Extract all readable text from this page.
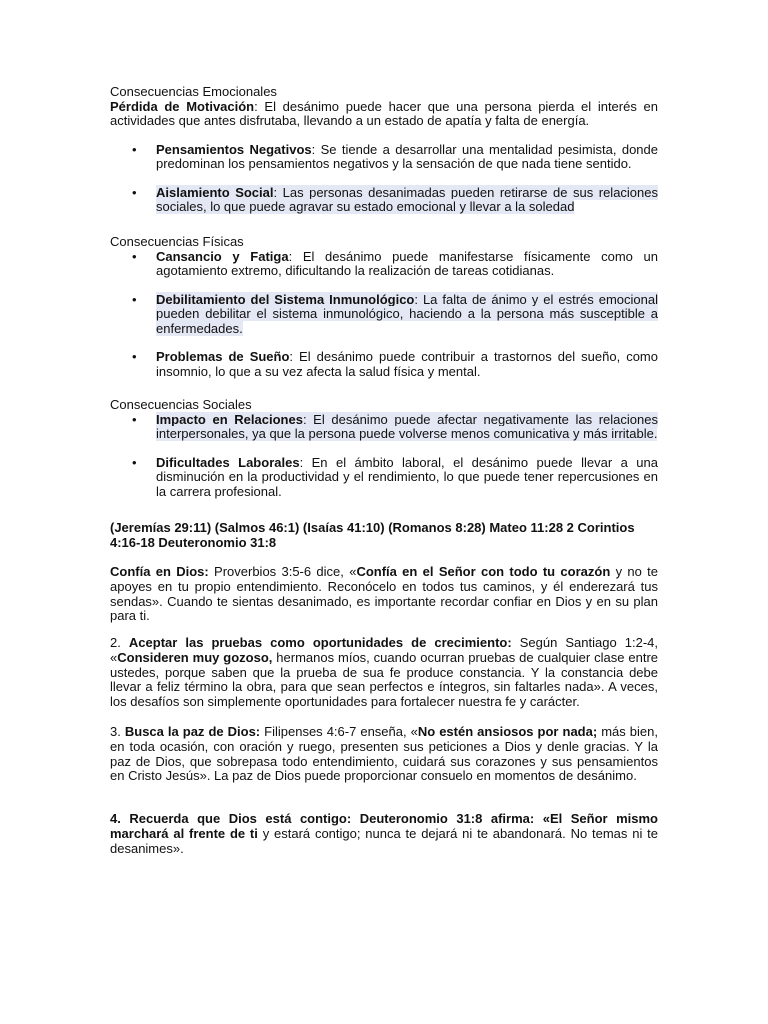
Consecuencias Emocionales
Pérdida de Motivación: El desánimo puede hacer que una persona pierda el interés en actividades que antes disfrutaba, llevando a un estado de apatía y falta de energía.
• Pensamientos Negativos: Se tiende a desarrollar una mentalidad pesimista, donde predominan los pensamientos negativos y la sensación de que nada tiene sentido.
• Aislamiento Social: Las personas desanimadas pueden retirarse de sus relaciones sociales, lo que puede agravar su estado emocional y llevar a la soledad
Consecuencias Físicas
• Cansancio y Fatiga: El desánimo puede manifestarse físicamente como un agotamiento extremo, dificultando la realización de tareas cotidianas.
• Debilitamiento del Sistema Inmunológico: La falta de ánimo y el estrés emocional pueden debilitar el sistema inmunológico, haciendo a la persona más susceptible a enfermedades.
• Problemas de Sueño: El desánimo puede contribuir a trastornos del sueño, como insomnio, lo que a su vez afecta la salud física y mental.
Consecuencias Sociales
• Impacto en Relaciones: El desánimo puede afectar negativamente las relaciones interpersonales, ya que la persona puede volverse menos comunicativa y más irritable.
• Dificultades Laborales: En el ámbito laboral, el desánimo puede llevar a una disminución en la productividad y el rendimiento, lo que puede tener repercusiones en la carrera profesional.
(Jeremías 29:11) (Salmos 46:1) (Isaías 41:10) (Romanos 8:28) Mateo 11:28 2 Corintios 4:16-18 Deuteronomio 31:8

Confía en Dios: Proverbios 3:5-6 dice, «Confía en el Señor con todo tu corazón y no te apoyes en tu propio entendimiento. Reconócelo en todos tus caminos, y él enderezará tus sendas». Cuando te sientas desanimado, es importante recordar confiar en Dios y en su plan para ti.

2. Aceptar las pruebas como oportunidades de crecimiento: Según Santiago 1:2-4, «Consideren muy gozoso, hermanos míos, cuando ocurran pruebas de cualquier clase entre ustedes, porque saben que la prueba de sua fe produce constancia. Y la constancia debe llevar a feliz término la obra, para que sean perfectos e íntegros, sin faltarles nada». A veces, los desafíos son simplemente oportunidades para fortalecer nuestra fe y carácter.

3. Busca la paz de Dios: Filipenses 4:6-7 enseña, «No estén ansiosos por nada; más bien, en toda ocasión, con oración y ruego, presenten sus peticiones a Dios y denle gracias. Y la paz de Dios, que sobrepasa todo entendimiento, cuidará sus corazones y sus pensamientos en Cristo Jesús». La paz de Dios puede proporcionar consuelo en momentos de desánimo.

4. Recuerda que Dios está contigo: Deuteronomio 31:8 afirma: «El Señor mismo marchará al frente de ti y estará contigo; nunca te dejará ni te abandonará. No temas ni te desanimes».
